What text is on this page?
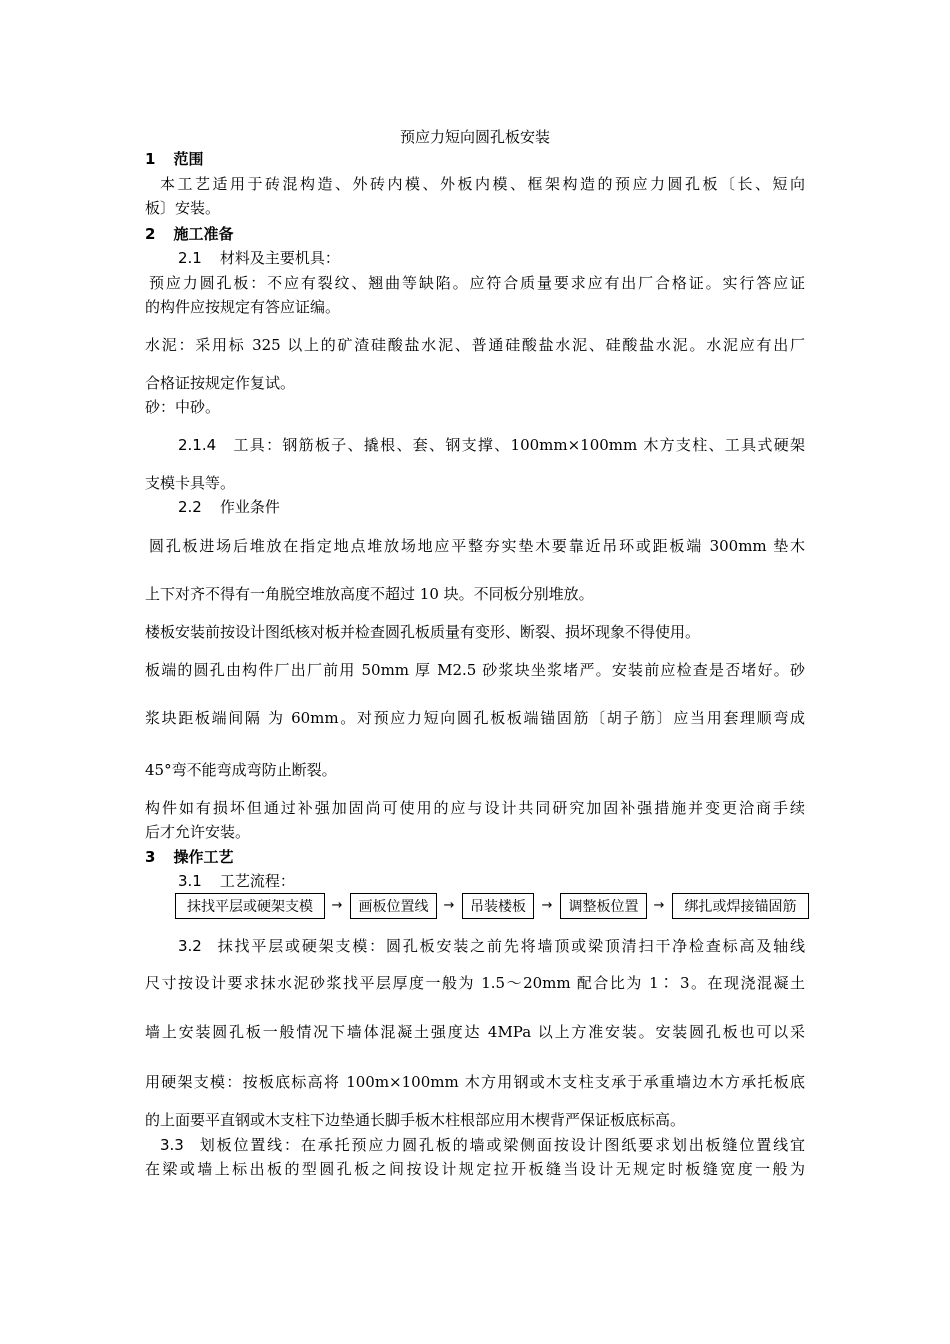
预应力短向圆孔板安装
1 范围
本工艺适用于砖混构造、外砖内模、外板内模、框架构造的预应力圆孔板〔长、短向
板〕安装。
2 施工准备
2.1 材料及主要机具：
预应力圆孔板：不应有裂纹、翘曲等缺陷。应符合质量要求应有出厂合格证。实行答应证
的构件应按规定有答应证编。
水泥：采用标 325 以上的矿渣硅酸盐水泥、普通硅酸盐水泥、硅酸盐水泥。水泥应有出厂
合格证按规定作复试。
砂：中砂。
2.1.4 工具：钢筋板子、撬根、套、钢支撑、100mm×100mm 木方支柱、工具式硬架
支模卡具等。
2.2 作业条件
圆孔板进场后堆放在指定地点堆放场地应平整夯实垫木要靠近吊环或距板端 300mm 垫木
上下对齐不得有一角脱空堆放高度不超过 10 块。不同板分别堆放。
楼板安装前按设计图纸核对板并检查圆孔板质量有变形、断裂、损坏现象不得使用。
板端的圆孔由构件厂出厂前用 50mm 厚 M2.5 砂浆块坐浆堵严。安装前应检查是否堵好。砂
浆块距板端间隔 为 60mm。对预应力短向圆孔板板端锚固筋〔胡子筋〕应当用套理顺弯成
45°弯不能弯成弯防止断裂。
构件如有损坏但通过补强加固尚可使用的应与设计共同研究加固补强措施并变更洽商手续
后才允许安装。
3 操作工艺
3.1 工艺流程：
抹找平层或硬架支模	→	画板位置线	→	吊装楼板	→	调整板位置	→	绑扎或焊接锚固筋
3.2 抹找平层或硬架支模：圆孔板安装之前先将墙顶或梁顶清扫干净检查标高及轴线
尺寸按设计要求抹水泥砂浆找平层厚度一般为 1.5～20mm 配合比为 1∶ 3。在现浇混凝土
墙上安装圆孔板一般情况下墙体混凝土强度达 4MPa 以上方准安装。安装圆孔板也可以采
用硬架支模：按板底标高将 100m×100mm 木方用钢或木支柱支承于承重墙边木方承托板底
的上面要平直钢或木支柱下边垫通长脚手板木柱根部应用木楔背严保证板底标高。
3.3 划板位置线：在承托预应力圆孔板的墙或梁侧面按设计图纸要求划出板缝位置线宜
在梁或墙上标出板的型圆孔板之间按设计规定拉开板缝当设计无规定时板缝宽度一般为
